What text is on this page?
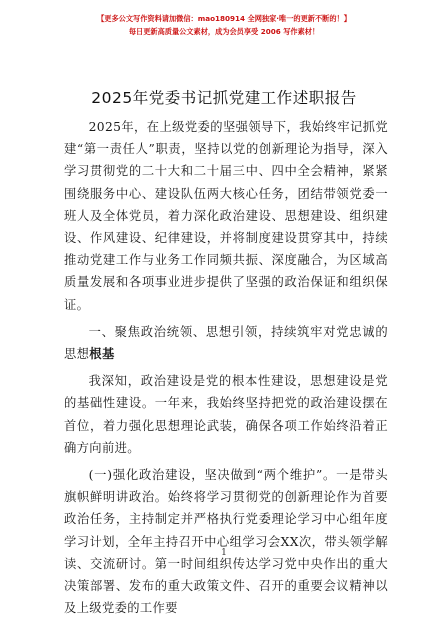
【更多公文写作资料请加微信：mao180914 全网独家·唯一的更新不断的！】
每日更新高质量公文素材，成为会员享受 2006 写作素材！
2025年党委书记抓党建工作述职报告

2025年，在上级党委的坚强领导下，我始终牢记抓党建“第一责任人”职责，坚持以党的创新理论为指导，深入学习贯彻党的二十大和二十届三中、四中全会精神，紧紧围绕服务中心、建设队伍两大核心任务，团结带领党委一班人及全体党员，着力深化政治建设、思想建设、组织建设、作风建设、纪律建设，并将制度建设贯穿其中，持续推动党建工作与业务工作同频共振、深度融合，为区域高质量发展和各项事业进步提供了坚强的政治保证和组织保证。

一、聚焦政治统领、思想引领，持续筑牢对党忠诚的思想根基

我深知，政治建设是党的根本性建设，思想建设是党的基础性建设。一年来，我始终坚持把党的政治建设摆在首位，着力强化思想理论武装，确保各项工作始终沿着正确方向前进。

(一)强化政治建设，坚决做到“两个维护”。一是带头旗帜鲜明讲政治。始终将学习贯彻党的创新理论作为首要政治任务，主持制定并严格执行党委理论学习中心组年度学习计划，全年主持召开中心组学习会XX次，带头领学解读、交流研讨。第一时间组织传达学习党中央作出的重大决策部署、发布的重大政策文件、召开的重要会议精神以及上级党委的工作要

1
